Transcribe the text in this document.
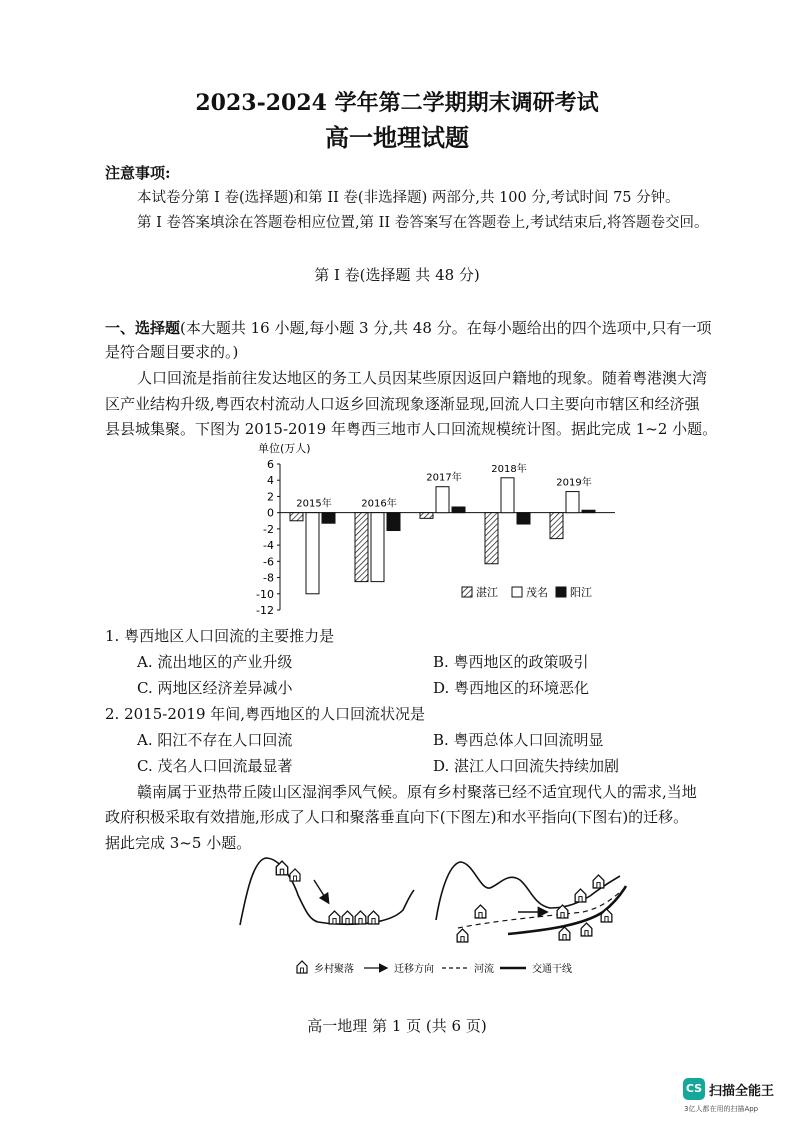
2023-2024 学年第二学期期末调研考试
高一地理试题
注意事项:
本试卷分第 I 卷(选择题)和第 II 卷(非选择题) 两部分,共 100 分,考试时间 75 分钟。
第 I 卷答案填涂在答题卷相应位置,第 II 卷答案写在答题卷上,考试结束后,将答题卷交回。
第 I 卷(选择题 共 48 分)
一、选择题(本大题共 16 小题,每小题 3 分,共 48 分。在每小题给出的四个选项中,只有一项
是符合题目要求的。)
人口回流是指前往发达地区的务工人员因某些原因返回户籍地的现象。随着粤港澳大湾
区产业结构升级,粤西农村流动人口返乡回流现象逐渐显现,回流人口主要向市辖区和经济强
县县城集聚。下图为 2015-2019 年粤西三地市人口回流规模统计图。据此完成 1~2 小题。
单位(万人)
6
4
2
0
-2
-4
-6
-8
-10
-12
2015年	2016年
2017年
2018年
2019年
湛江	茂名 阳江
1. 粤西地区人口回流的主要推力是
A. 流出地区的产业升级	B. 粤西地区的政策吸引
C. 两地区经济差异减小	D. 粤西地区的环境恶化
2. 2015-2019 年间,粤西地区的人口回流状况是
A. 阳江不存在人口回流	B. 粤西总体人口回流明显
C. 茂名人口回流最显著	D. 湛江人口回流失持续加剧
赣南属于亚热带丘陵山区湿润季风气候。原有乡村聚落已经不适宜现代人的需求,当地
政府积极采取有效措施,形成了人口和聚落垂直向下(下图左)和水平指向(下图右)的迁移。
据此完成 3~5 小题。
乡村聚落	迁移方向	河流	交通干线
高一地理 第 1 页 (共 6 页)
CS 扫描全能王
3亿人都在用的扫描App
